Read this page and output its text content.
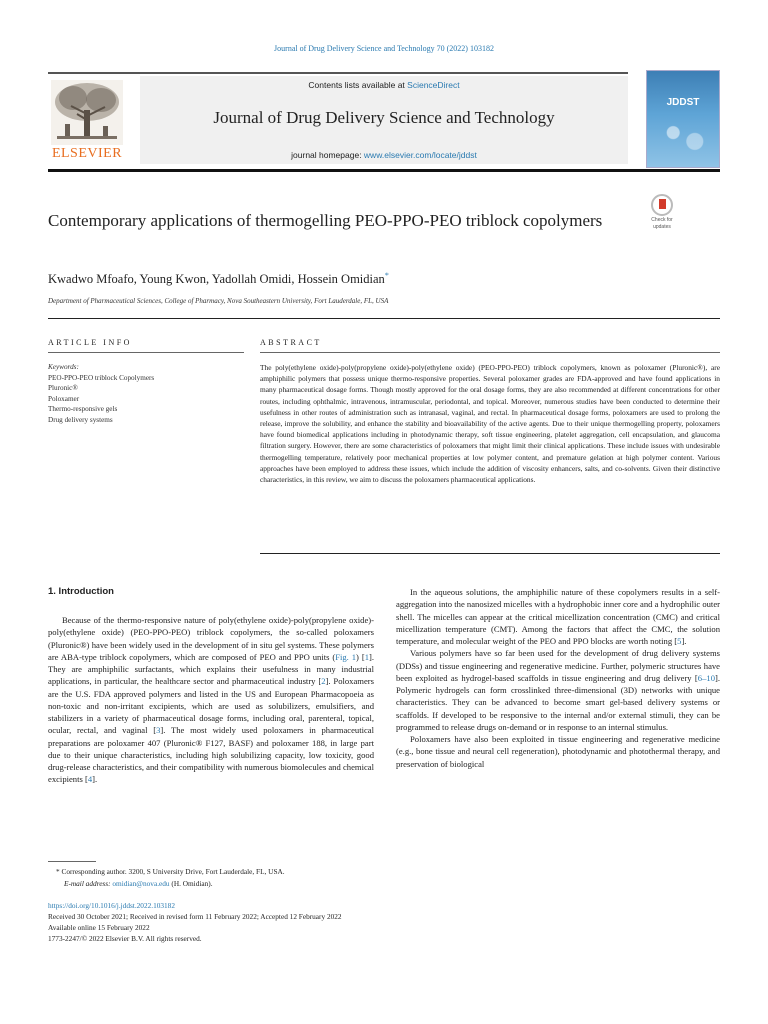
Journal of Drug Delivery Science and Technology 70 (2022) 103182
ELSEVIER
Contents lists available at ScienceDirect
Journal of Drug Delivery Science and Technology
journal homepage: www.elsevier.com/locate/jddst
JDDST
Contemporary applications of thermogelling PEO-PPO-PEO triblock copolymers	Check for
updates
Kwadwo Mfoafo, Young Kwon, Yadollah Omidi, Hossein Omidian*
Department of Pharmaceutical Sciences, College of Pharmacy, Nova Southeastern University, Fort Lauderdale, FL, USA
ARTICLE INFO	ABSTRACT
Keywords:
PEO-PPO-PEO triblock Copolymers
Pluronic®
Poloxamer
Thermo-responsive gels
Drug delivery systems
The poly(ethylene oxide)-poly(propylene oxide)-poly(ethylene oxide) (PEO-PPO-PEO) triblock copolymers, known as poloxamer (Pluronic®), are amphiphilic polymers that possess unique thermo-responsive properties. Several poloxamer grades are FDA-approved and have found applications in many pharmaceutical dosage forms. Though mostly approved for the oral dosage forms, they are also recommended at different concentrations for other routes, including ophthalmic, intravenous, intramuscular, periodontal, and topical. Moreover, numerous studies have been conducted to determine their usefulness in other routes of administration such as intranasal, vaginal, and rectal. In pharmaceutical dosage forms, poloxamers are used to prolong the release, improve the solubility, and enhance the stability and bioavailability of the active agents. Due to their unique thermogelling property, poloxamers have found biomedical applications including in photodynamic therapy, soft tissue engineering, platelet aggregation, cell encapsulation, and glaucoma filtration surgery. However, there are some characteristics of poloxamers that might limit their clinical applications. These include issues with undesirable thermogelling temperature, relatively poor mechanical properties at low polymer content, and premature gelation at high polymer content. Various approaches have been employed to address these issues, which include the addition of viscosity enhancers, salts, and co-solvents. Given their distinctive characteristics, in this review, we aim to discuss the poloxamers pharmaceutical applications.
1. Introduction

Because of the thermo-responsive nature of poly(ethylene oxide)-poly(propylene oxide)-poly(ethylene oxide) (PEO-PPO-PEO) triblock copolymers, the so-called poloxamers (Pluronic®) have been widely used in the development of in situ gel systems. These polymers are ABA-type triblock copolymers, which are composed of PEO and PPO units (Fig. 1) [1]. They are amphiphilic surfactants, which explains their usefulness in many industrial applications, in particular, the healthcare sector and pharmaceutical industry [2]. Poloxamers are the U.S. FDA approved polymers and listed in the US and European Pharmacopoeia as non-toxic and non-irritant excipients, which are used as solubilizers, emulsifiers, and stabilizers in a variety of pharmaceutical dosage forms, including oral, parenteral, topical, ocular, rectal, and vaginal [3]. The most widely used poloxamers in pharmaceutical preparations are poloxamer 407 (Pluronic® F127, BASF) and poloxamer 188, in large part due to their unique characteristics, including high solubilizing capacity, low toxicity, good drug-release characteristics, and their compatibility with numerous biomolecules and chemical excipients [4].

In the aqueous solutions, the amphiphilic nature of these copolymers results in a self-aggregation into the nanosized micelles with a hydrophobic inner core and a hydrophilic outer shell. The micelles can appear at the critical micellization concentration (CMC) and critical micellization temperature (CMT). Among the factors that affect the CMC, the solution temperature, and molecular weight of the PEO and PPO blocks are worth noting [5].

Various polymers have so far been used for the development of drug delivery systems (DDSs) and tissue engineering and regenerative medicine. Further, polymeric structures have been exploited as hydrogel-based scaffolds in tissue engineering and drug delivery [6–10]. Polymeric hydrogels can form crosslinked three-dimensional (3D) networks with unique characteristics. They can be advanced to become smart gel-based delivery systems or scaffolds. If developed to be responsive to the internal and/or external stimuli, they can be programmed to release drugs on-demand or in response to an internal stimulus.

Poloxamers have also been exploited in tissue engineering and regenerative medicine (e.g., bone tissue and neural cell regeneration), photodynamic and photothermal therapy, and preservation of biological

* Corresponding author. 3200, S University Drive, Fort Lauderdale, FL, USA.
E-mail address: omidian@nova.edu (H. Omidian).
https://doi.org/10.1016/j.jddst.2022.103182
Received 30 October 2021; Received in revised form 11 February 2022; Accepted 12 February 2022
Available online 15 February 2022
1773-2247/© 2022 Elsevier B.V. All rights reserved.
